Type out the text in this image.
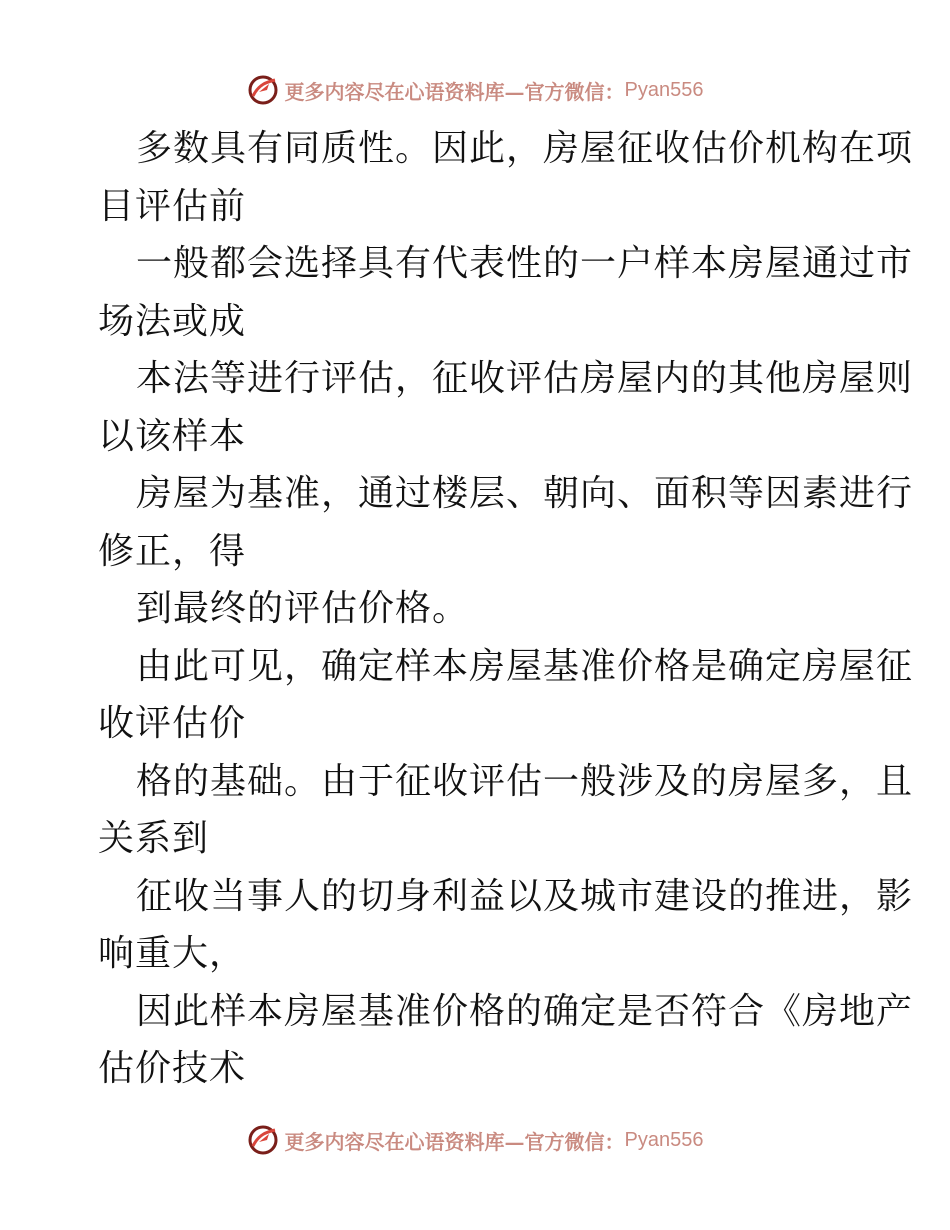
更多内容尽在心语资料库—官方微信： Pyan556
多数具有同质性。因此，房屋征收估价机构在项
目评估前
一般都会选择具有代表性的一户样本房屋通过市
场法或成
本法等进行评估，征收评估房屋内的其他房屋则
以该样本
房屋为基准，通过楼层、朝向、面积等因素进行
修正，得
到最终的评估价格。
由此可见，确定样本房屋基准价格是确定房屋征
收评估价
格的基础。由于征收评估一般涉及的房屋多，且
关系到
征收当事人的切身利益以及城市建设的推进，影
响重大，
因此样本房屋基准价格的确定是否符合《房地产
估价技术
更多内容尽在心语资料库—官方微信： Pyan556
